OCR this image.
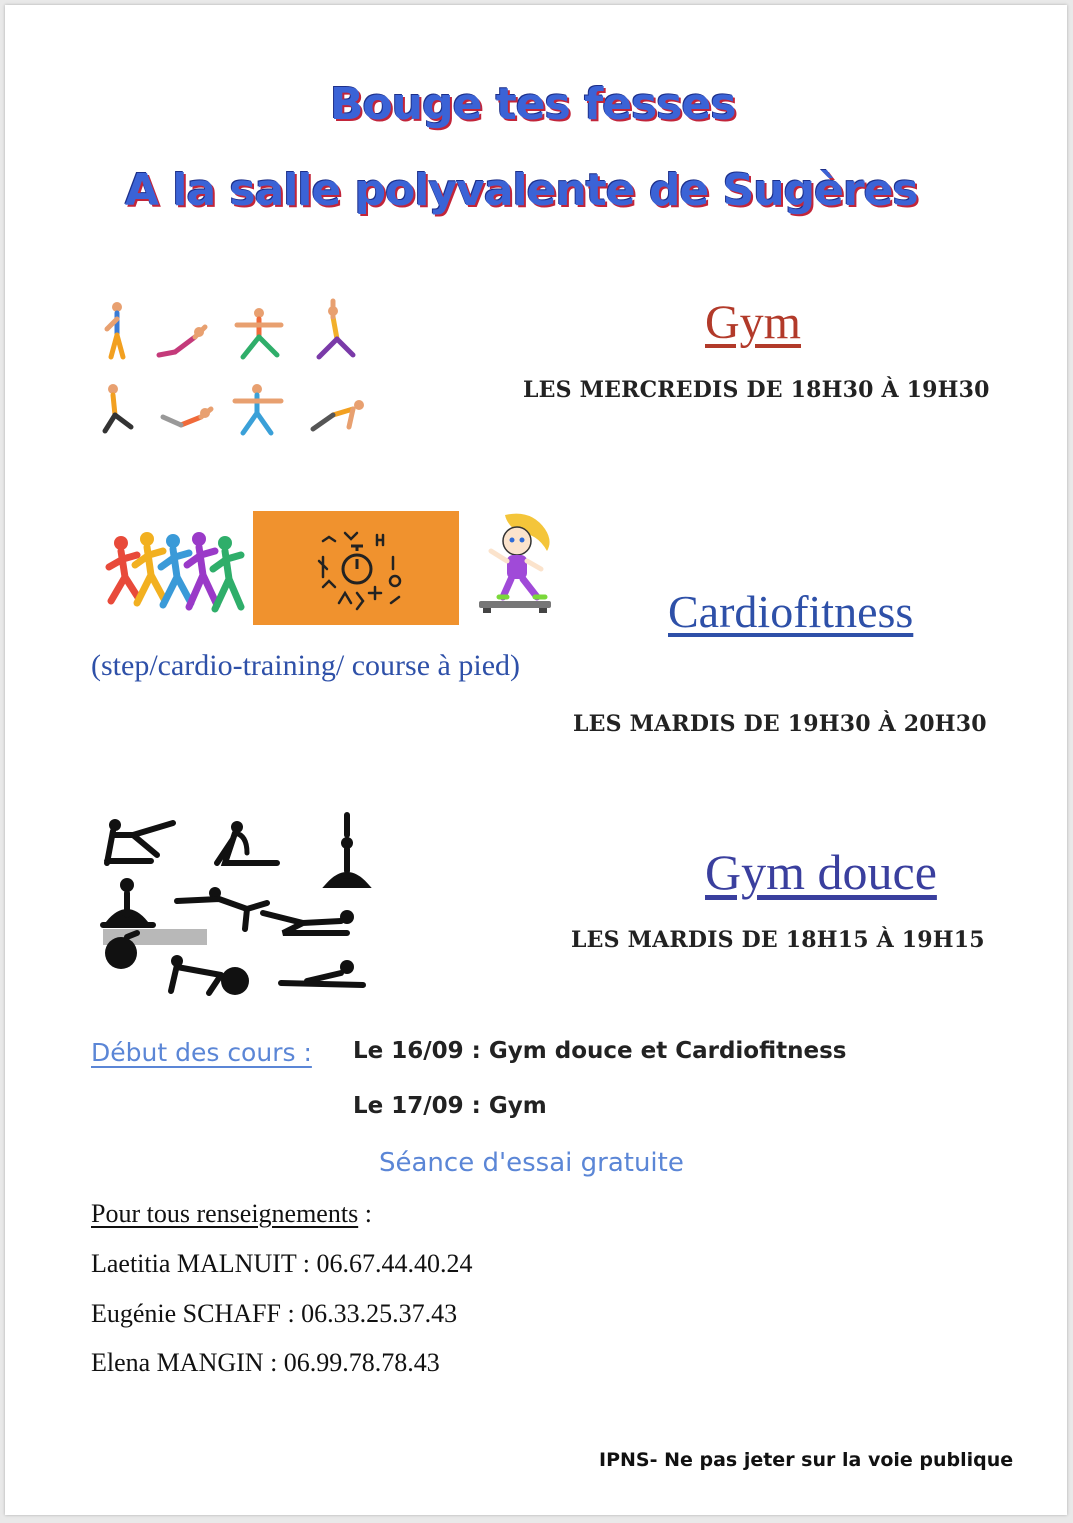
Bouge tes fesses
A la salle polyvalente de Sugères
Gym
LES MERCREDIS DE 18H30 À 19H30
Cardiofitness
(step/cardio-training/ course à pied)
LES MARDIS DE 19H30 À 20H30
Gym douce
LES MARDIS DE 18H15 À 19H15
Début des cours : Le 16/09 : Gym douce et Cardiofitness
Le 17/09 : Gym
Séance d'essai gratuite
Pour tous renseignements :
Laetitia MALNUIT : 06.67.44.40.24
Eugénie SCHAFF : 06.33.25.37.43
Elena MANGIN : 06.99.78.78.43
IPNS- Ne pas jeter sur la voie publique
